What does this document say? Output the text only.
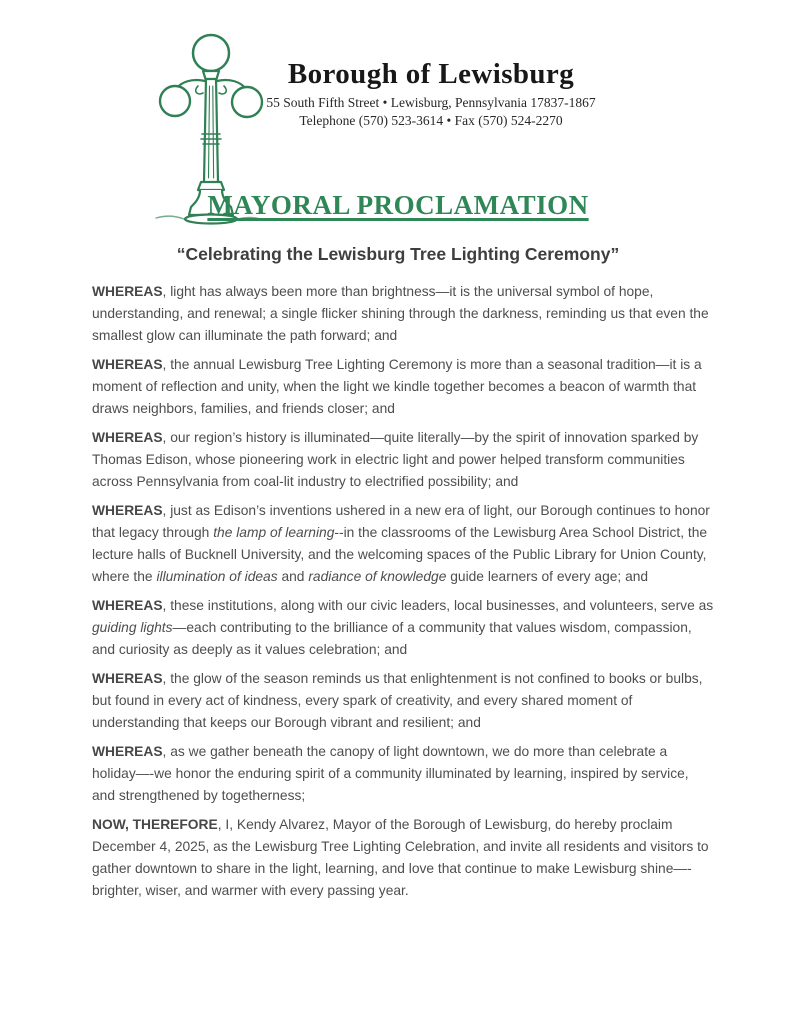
Borough of Lewisburg
55 South Fifth Street • Lewisburg, Pennsylvania 17837-1867
Telephone (570) 523-3614 • Fax (570) 524-2270
MAYORAL PROCLAMATION
“Celebrating the Lewisburg Tree Lighting Ceremony”

WHEREAS, light has always been more than brightness—it is the universal symbol of hope, understanding, and renewal; a single flicker shining through the darkness, reminding us that even the smallest glow can illuminate the path forward; and

WHEREAS, the annual Lewisburg Tree Lighting Ceremony is more than a seasonal tradition—it is a moment of reflection and unity, when the light we kindle together becomes a beacon of warmth that draws neighbors, families, and friends closer; and

WHEREAS, our region’s history is illuminated—quite literally—by the spirit of innovation sparked by Thomas Edison, whose pioneering work in electric light and power helped transform communities across Pennsylvania from coal-lit industry to electrified possibility; and

WHEREAS, just as Edison’s inventions ushered in a new era of light, our Borough continues to honor that legacy through the lamp of learning--in the classrooms of the Lewisburg Area School District, the lecture halls of Bucknell University, and the welcoming spaces of the Public Library for Union County, where the illumination of ideas and radiance of knowledge guide learners of every age; and

WHEREAS, these institutions, along with our civic leaders, local businesses, and volunteers, serve as guiding lights—each contributing to the brilliance of a community that values wisdom, compassion, and curiosity as deeply as it values celebration; and

WHEREAS, the glow of the season reminds us that enlightenment is not confined to books or bulbs, but found in every act of kindness, every spark of creativity, and every shared moment of understanding that keeps our Borough vibrant and resilient; and

WHEREAS, as we gather beneath the canopy of light downtown, we do more than celebrate a holiday—-we honor the enduring spirit of a community illuminated by learning, inspired by service, and strengthened by togetherness;

NOW, THEREFORE, I, Kendy Alvarez, Mayor of the Borough of Lewisburg, do hereby proclaim December 4, 2025, as the Lewisburg Tree Lighting Celebration, and invite all residents and visitors to gather downtown to share in the light, learning, and love that continue to make Lewisburg shine—-brighter, wiser, and warmer with every passing year.
